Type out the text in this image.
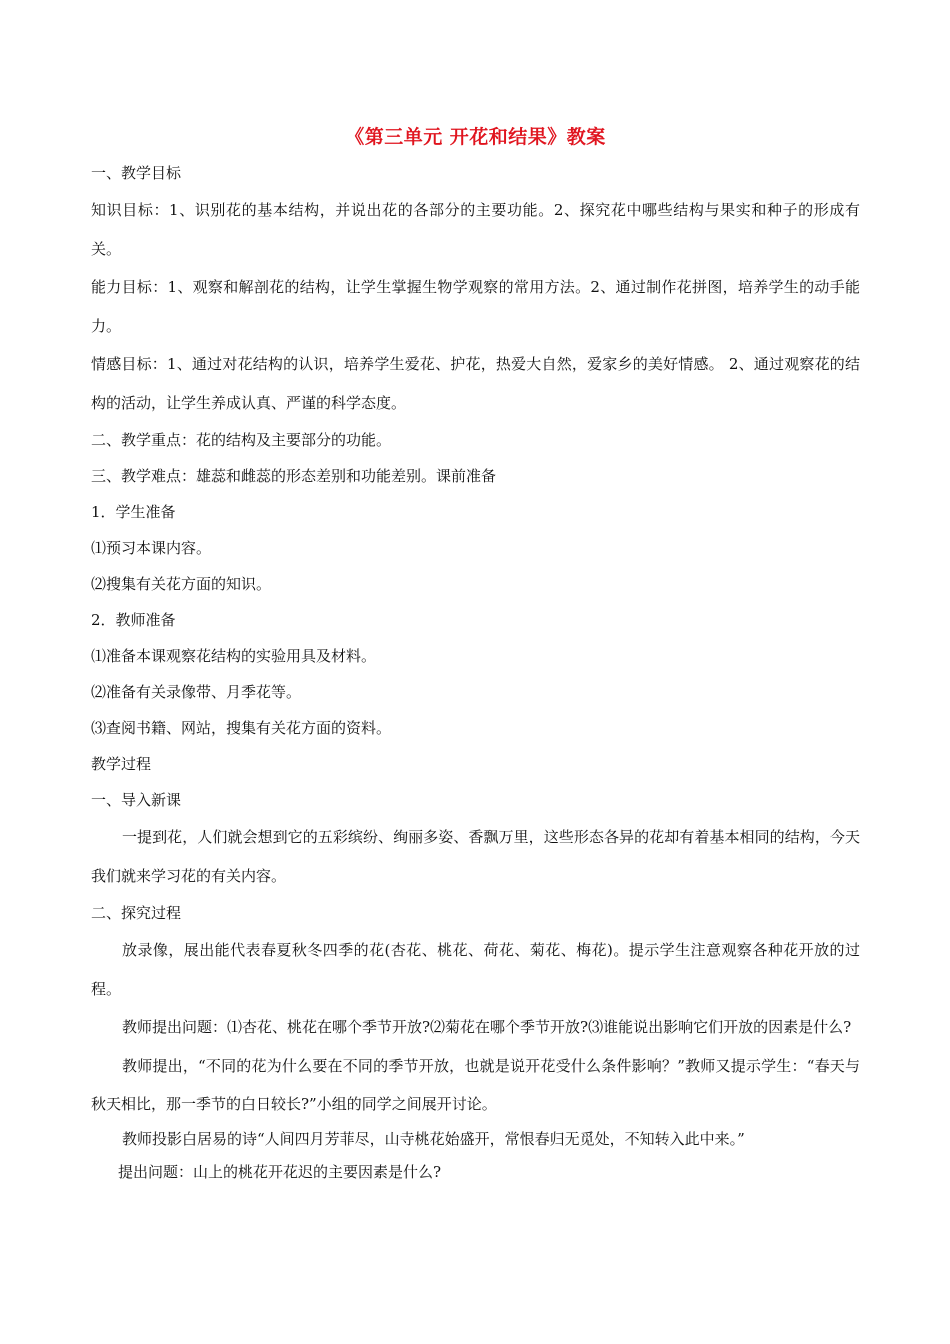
《第三单元 开花和结果》教案

一、教学目标

知识目标：1、识别花的基本结构，并说出花的各部分的主要功能。2、探究花中哪些结构与果实和种子的形成有关。

能力目标：1、观察和解剖花的结构，让学生掌握生物学观察的常用方法。2、通过制作花拼图，培养学生的动手能力。

情感目标：1、通过对花结构的认识，培养学生爱花、护花，热爱大自然，爱家乡的美好情感。 2、通过观察花的结构的活动，让学生养成认真、严谨的科学态度。

二、教学重点：花的结构及主要部分的功能。

三、教学难点：雄蕊和雌蕊的形态差别和功能差别。课前准备

1．学生准备

⑴预习本课内容。

⑵搜集有关花方面的知识。

2．教师准备

⑴准备本课观察花结构的实验用具及材料。

⑵准备有关录像带、月季花等。

⑶查阅书籍、网站，搜集有关花方面的资料。

教学过程

一、导入新课

一提到花，人们就会想到它的五彩缤纷、绚丽多姿、香飘万里，这些形态各异的花却有着基本相同的结构，今天我们就来学习花的有关内容。

二、探究过程

放录像，展出能代表春夏秋冬四季的花(杏花、桃花、荷花、菊花、梅花)。提示学生注意观察各种花开放的过程。

教师提出问题：⑴杏花、桃花在哪个季节开放?⑵菊花在哪个季节开放?⑶谁能说出影响它们开放的因素是什么?

教师提出，“不同的花为什么要在不同的季节开放，也就是说开花受什么条件影响？”教师又提示学生：“春天与秋天相比，那一季节的白日较长?”小组的同学之间展开讨论。

教师投影白居易的诗“人间四月芳菲尽，山寺桃花始盛开，常恨春归无觅处，不知转入此中来。”

提出问题：山上的桃花开花迟的主要因素是什么?
